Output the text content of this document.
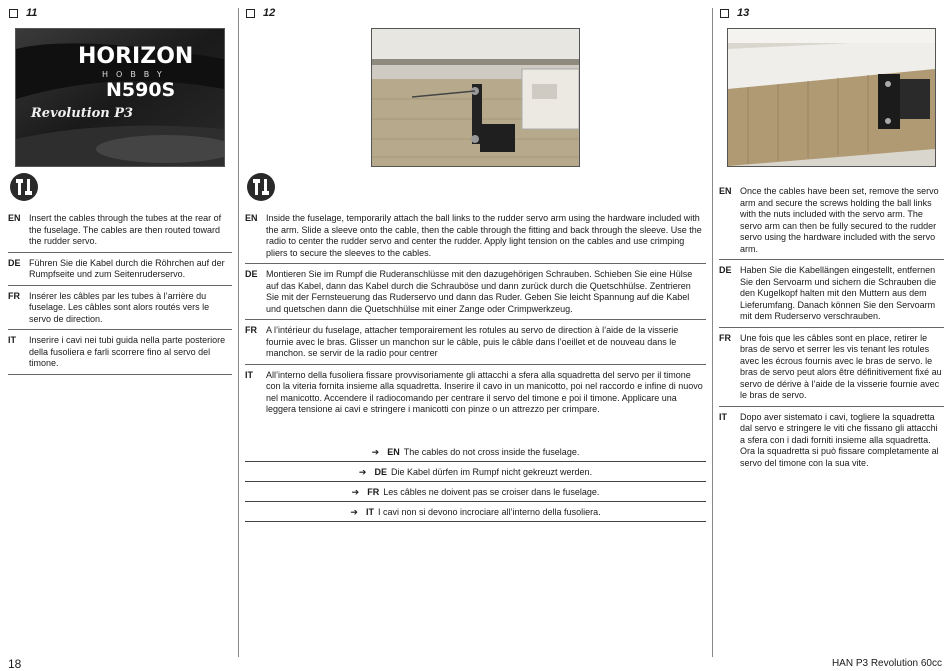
11
HORIZON
HOBBY
N590S
Revolution P3
EN Insert the cables through the tubes at the rear of the fuselage. The cables are then routed toward the rudder servo.
DE Führen Sie die Kabel durch die Röhrchen auf der Rumpfseite und zum Seitenruderservo.
FR	Insérer les câbles par les tubes à l’arrière du fuselage. Les câbles sont alors routés vers le servo de direction.
IT	Inserire i cavi nei tubi guida nella parte posteriore della fusoliera e farli scorrere fino al servo del timone.
12
EN Inside the fuselage, temporarily attach the ball links to the rudder servo arm using the hardware included with the arm. Slide a sleeve onto the cable, then the cable through the fitting and back through the sleeve. Use the radio to center the rudder servo and center the rudder. Apply light tension on the cables and use crimping pliers to secure the sleeves to the cables.
DE Montieren Sie im Rumpf die Ruderanschlüsse mit den dazugehörigen Schrauben. Schieben Sie eine Hülse auf das Kabel, dann das Kabel durch die Schrauböse und dann zurück durch die Quetschhülse. Zentrieren Sie mit der Fernsteuerung das Ruderservo und dann das Ruder. Geben Sie leicht Spannung auf die Kabel und quetschen dann die Quetschhülse mit einer Zange oder Crimpwerkzeug.
FR	A l’intérieur du fuselage, attacher temporairement les rotules au servo de direction à l’aide de la visserie fournie avec le bras. Glisser un manchon sur le câble, puis le câble dans l’oeillet et de nouveau dans le manchon. se servir de la radio pour centrer
IT	All’interno della fusoliera fissare provvisoriamente gli attacchi a sfera alla squadretta del servo per il timone con la viteria fornita insieme alla squadretta. Inserire il cavo in un manicotto, poi nel raccordo e infine di nuovo nel manicotto. Accendere il radiocomando per centrare il servo del timone e poi il timone. Applicare una leggera tensione ai cavi e stringere i manicotti con pinze o un attrezzo per crimpare.
➔ EN The cables do not cross inside the fuselage.
➔ DE Die Kabel dürfen im Rumpf nicht gekreuzt werden.
➔ FR Les câbles ne doivent pas se croiser dans le fuselage.
➔ IT I cavi non si devono incrociare all’interno della fusoliera.
13
EN Once the cables have been set, remove the servo arm and secure the screws holding the ball links with the nuts included with the servo arm. The servo arm can then be fully secured to the rudder servo using the hardware included with the servo arm.
DE Haben Sie die Kabellängen eingestellt, entfernen Sie den Servoarm und sichern die Schrauben die den Kugelkopf halten mit den Muttern aus dem Lieferumfang. Danach können Sie den Servoarm mit dem Ruderservo verschrauben.
FR	Une fois que les câbles sont en place, retirer le bras de servo et serrer les vis tenant les rotules avec les écrous fournis avec le bras de servo. le bras de servo peut alors être définitivement fixé au servo de dérive à l’aide de la visserie fournie avec le bras de servo.
IT	Dopo aver sistemato i cavi, togliere la squadretta dal servo e stringere le viti che fissano gli attacchi a sfera con i dadi forniti insieme alla squadretta. Ora la squadretta si può fissare completamente al servo del timone con la sua vite.
18	HAN P3 Revolution 60cc
